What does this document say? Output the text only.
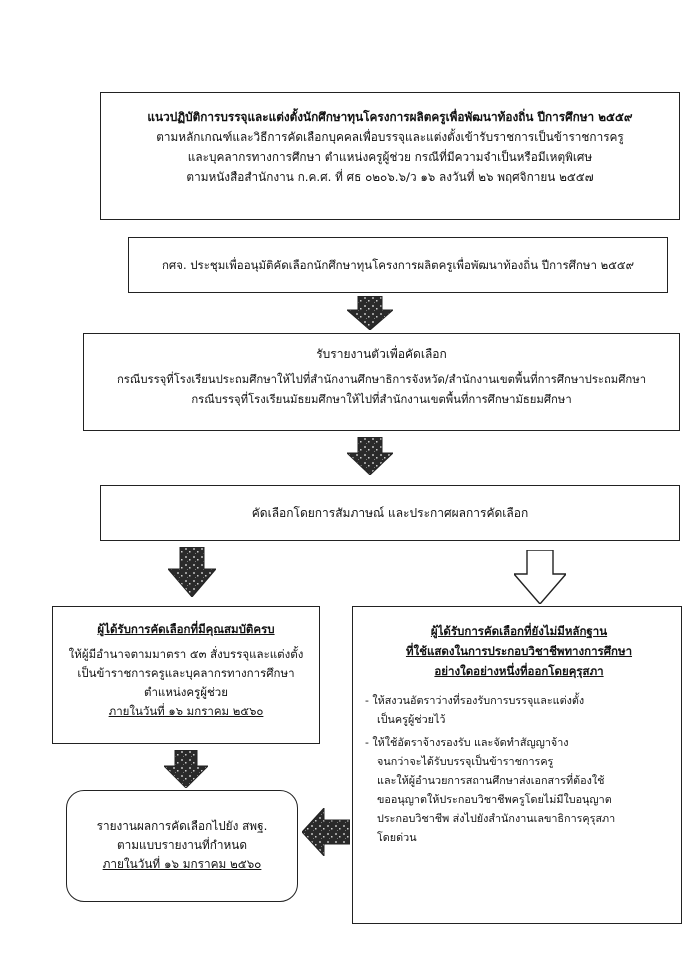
แนวปฏิบัติการบรรจุและแต่งตั้งนักศึกษาทุนโครงการผลิตครูเพื่อพัฒนาท้องถิ่น ปีการศึกษา ๒๕๕๙
ตามหลักเกณฑ์และวิธีการคัดเลือกบุคคลเพื่อบรรจุและแต่งตั้งเข้ารับราชการเป็นข้าราชการครู
และบุคลากรทางการศึกษา ตำแหน่งครูผู้ช่วย กรณีที่มีความจำเป็นหรือมีเหตุพิเศษ
ตามหนังสือสำนักงาน ก.ค.ศ. ที่ ศธ ๐๒๐๖.๖/ว ๑๖ ลงวันที่ ๒๖ พฤศจิกายน ๒๕๕๗
กศจ. ประชุมเพื่ออนุมัติคัดเลือกนักศึกษาทุนโครงการผลิตครูเพื่อพัฒนาท้องถิ่น ปีการศึกษา ๒๕๕๙
รับรายงานตัวเพื่อคัดเลือก
กรณีบรรจุที่โรงเรียนประถมศึกษาให้ไปที่สำนักงานศึกษาธิการจังหวัด/สำนักงานเขตพื้นที่การศึกษาประถมศึกษา
กรณีบรรจุที่โรงเรียนมัธยมศึกษาให้ไปที่สำนักงานเขตพื้นที่การศึกษามัธยมศึกษา
คัดเลือกโดยการสัมภาษณ์ และประกาศผลการคัดเลือก
ผู้ได้รับการคัดเลือกที่มีคุณสมบัติครบ
ให้ผู้มีอำนาจตามมาตรา ๕๓ สั่งบรรจุและแต่งตั้ง
เป็นข้าราชการครูและบุคลากรทางการศึกษา
ตำแหน่งครูผู้ช่วย
ภายในวันที่ ๑๖ มกราคม ๒๕๖๐
ผู้ได้รับการคัดเลือกที่ยังไม่มีหลักฐาน
ที่ใช้แสดงในการประกอบวิชาชีพทางการศึกษา
อย่างใดอย่างหนึ่งที่ออกโดยคุรุสภา
- ให้สงวนอัตราว่างที่รองรับการบรรจุและแต่งตั้ง
เป็นครูผู้ช่วยไว้
- ให้ใช้อัตราจ้างรองรับ และจัดทำสัญญาจ้าง
จนกว่าจะได้รับบรรจุเป็นข้าราชการครู
และให้ผู้อำนวยการสถานศึกษาส่งเอกสารที่ต้องใช้
ขออนุญาตให้ประกอบวิชาชีพครูโดยไม่มีใบอนุญาต
ประกอบวิชาชีพ ส่งไปยังสำนักงานเลขาธิการคุรุสภา
โดยด่วน
รายงานผลการคัดเลือกไปยัง สพฐ.
ตามแบบรายงานที่กำหนด
ภายในวันที่ ๑๖ มกราคม ๒๕๖๐
